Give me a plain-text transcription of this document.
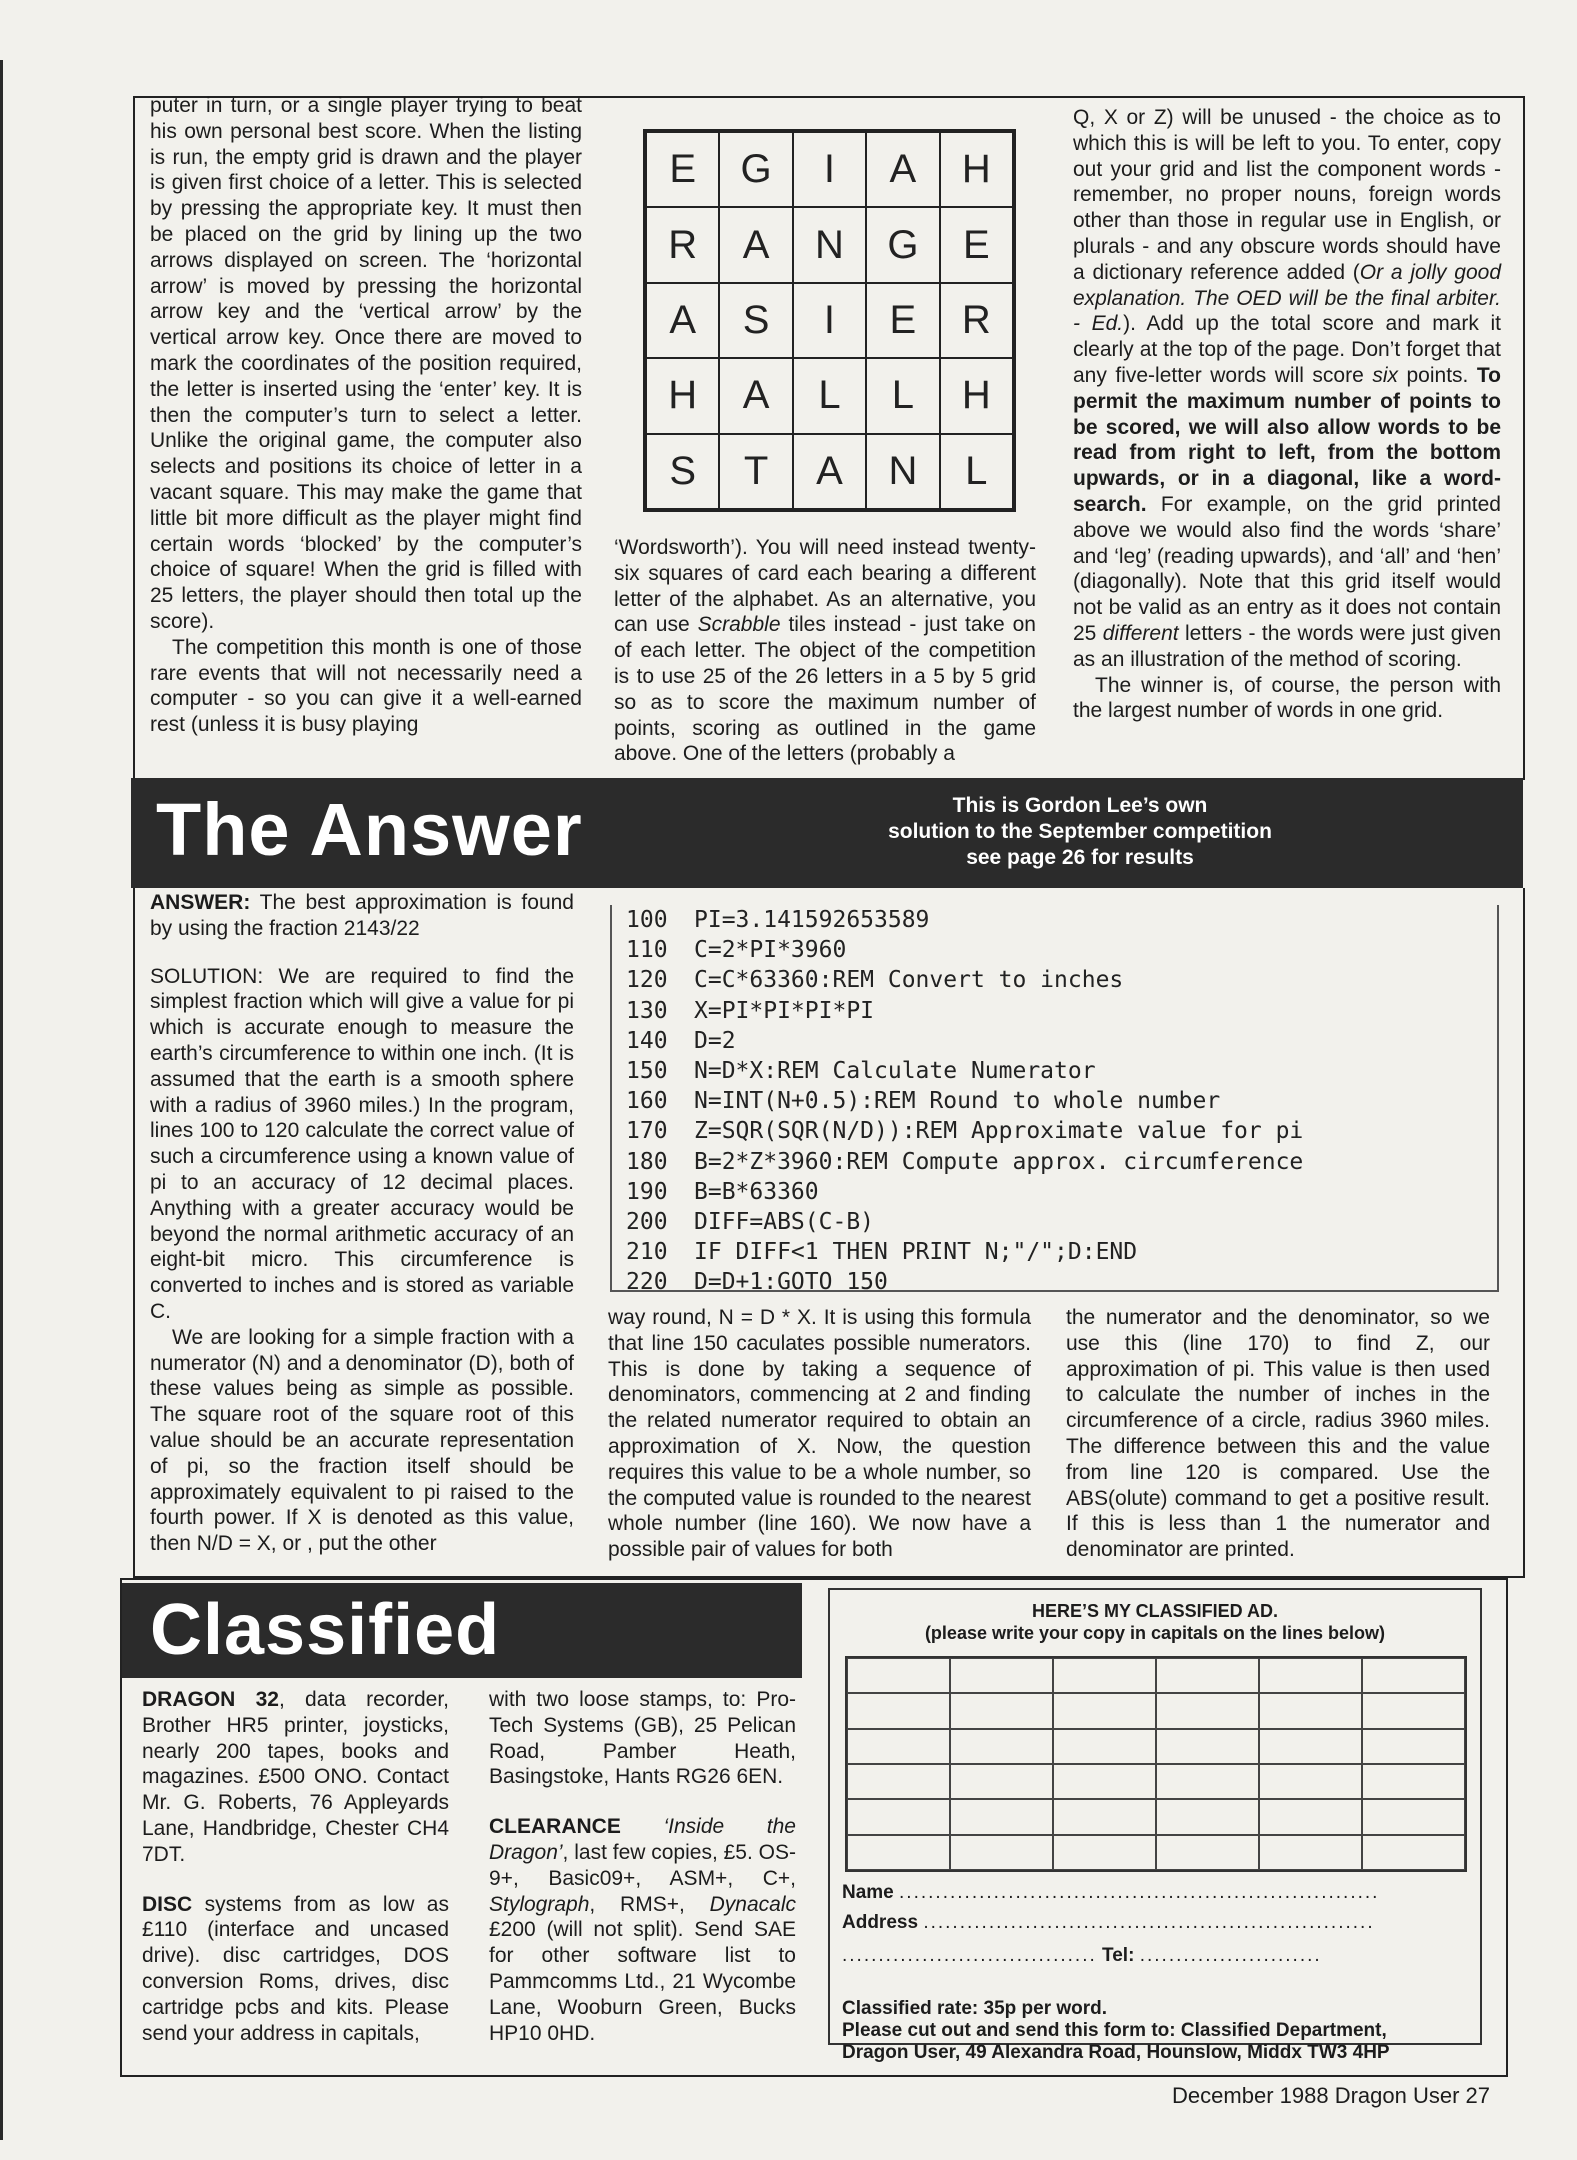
puter in turn, or a single player trying to beat his own personal best score. When the listing is run, the empty grid is drawn and the player is given first choice of a letter. This is selected by pressing the appropriate key. It must then be placed on the grid by lining up the two arrows displayed on screen. The ‘horizontal arrow’ is moved by pressing the horizontal arrow key and the ‘vertical arrow’ by the vertical arrow key. Once there are moved to mark the coordinates of the position required, the letter is inserted using the ‘enter’ key. It is then the computer’s turn to select a letter. Unlike the original game, the computer also selects and positions its choice of letter in a vacant square. This may make the game that little bit more difficult as the player might find certain words ‘blocked’ by the computer’s choice of square! When the grid is filled with 25 letters, the player should then total up the score).

The competition this month is one of those rare events that will not necessarily need a computer - so you can give it a well-earned rest (unless it is busy playing

E	G	I	A	H
R	A	N	G	E
A	S	I	E	R
H	A	L	L	H
S	T	A	N	L

‘Wordsworth’). You will need instead twenty-six squares of card each bearing a different letter of the alphabet. As an alternative, you can use Scrabble tiles instead - just take on of each letter. The object of the competition is to use 25 of the 26 letters in a 5 by 5 grid so as to score the maximum number of points, scoring as outlined in the game above. One of the letters (probably a

Q, X or Z) will be unused - the choice as to which this is will be left to you. To enter, copy out your grid and list the component words - remember, no proper nouns, foreign words other than those in regular use in English, or plurals - and any obscure words should have a dictionary reference added (Or a jolly good explanation. The OED will be the final arbiter. - Ed.). Add up the total score and mark it clearly at the top of the page. Don’t forget that any five-letter words will score six points. To permit the maximum number of points to be scored, we will also allow words to be read from right to left, from the bottom upwards, or in a diagonal, like a word-search. For example, on the grid printed above we would also find the words ‘share’ and ‘leg’ (reading upwards), and ‘all’ and ‘hen’ (diagonally). Note that this grid itself would not be valid as an entry as it does not contain 25 different letters - the words were just given as an illustration of the method of scoring.

The winner is, of course, the person with the largest number of words in one grid.

The Answer	This is Gordon Lee’s own
solution to the September competition
see page 26 for results

ANSWER: The best approximation is found by using the fraction 2143/22

SOLUTION: We are required to find the simplest fraction which will give a value for pi which is accurate enough to measure the earth’s circumference to within one inch. (It is assumed that the earth is a smooth sphere with a radius of 3960 miles.) In the program, lines 100 to 120 calculate the correct value of such a circumference using a known value of pi to an accuracy of 12 decimal places. Anything with a greater accuracy would be beyond the normal arithmetic accuracy of an eight-bit micro. This circumference is converted to inches and is stored as variable C.

We are looking for a simple fraction with a numerator (N) and a denominator (D), both of these values being as simple as possible. The square root of the square root of this value should be an accurate representation of pi, so the fraction itself should be approximately equivalent to pi raised to the fourth power. If X is denoted as this value, then N/D = X, or , put the other

100	PI=3.141592653589
110	C=2*PI*3960
120	C=C*63360:REM Convert to inches
130	X=PI*PI*PI*PI
140	D=2
150	N=D*X:REM Calculate Numerator
160	N=INT(N+0.5):REM Round to whole number
170	Z=SQR(SQR(N/D)):REM Approximate value for pi
180	B=2*Z*3960:REM Compute approx. circumference
190	B=B*63360
200	DIFF=ABS(C-B)
210	IF DIFF<1 THEN PRINT N;"/";D:END
220	D=D+1:GOTO 150

way round, N = D * X. It is using this formula that line 150 caculates possible numerators. This is done by taking a sequence of denominators, commencing at 2 and finding the related numerator required to obtain an approximation of X. Now, the question requires this value to be a whole number, so the computed value is rounded to the nearest whole number (line 160). We now have a possible pair of values for both

the numerator and the denominator, so we use this (line 170) to find Z, our approximation of pi. This value is then used to calculate the number of inches in the circumference of a circle, radius 3960 miles. The difference between this and the value from line 120 is compared. Use the ABS(olute) command to get a positive result. If this is less than 1 the numerator and denominator are printed.

Classified

DRAGON 32, data recorder, Brother HR5 printer, joysticks, nearly 200 tapes, books and magazines. £500 ONO. Contact Mr. G. Roberts, 76 Appleyards Lane, Handbridge, Chester CH4 7DT.

DISC systems from as low as £110 (interface and uncased drive). disc cartridges, DOS conversion Roms, drives, disc cartridge pcbs and kits. Please send your address in capitals,

with two loose stamps, to: Pro-Tech Systems (GB), 25 Pelican Road, Pamber Heath, Basingstoke, Hants RG26 6EN.

CLEARANCE ‘Inside the Dragon’, last few copies, £5. OS-9+, Basic09+, ASM+, C+, Stylograph, RMS+, Dynacalc £200 (will not split). Send SAE for other software list to Pammcomms Ltd., 21 Wycombe Lane, Wooburn Green, Bucks HP10 0HD.

HERE’S MY CLASSIFIED AD.
(please write your copy in capitals on the lines below)
Name ..................................................................
Address ..............................................................
................................... Tel: .........................
Classified rate: 35p per word.
Please cut out and send this form to: Classified Department,
Dragon User, 49 Alexandra Road, Hounslow, Middx TW3 4HP
December 1988 Dragon User 27
